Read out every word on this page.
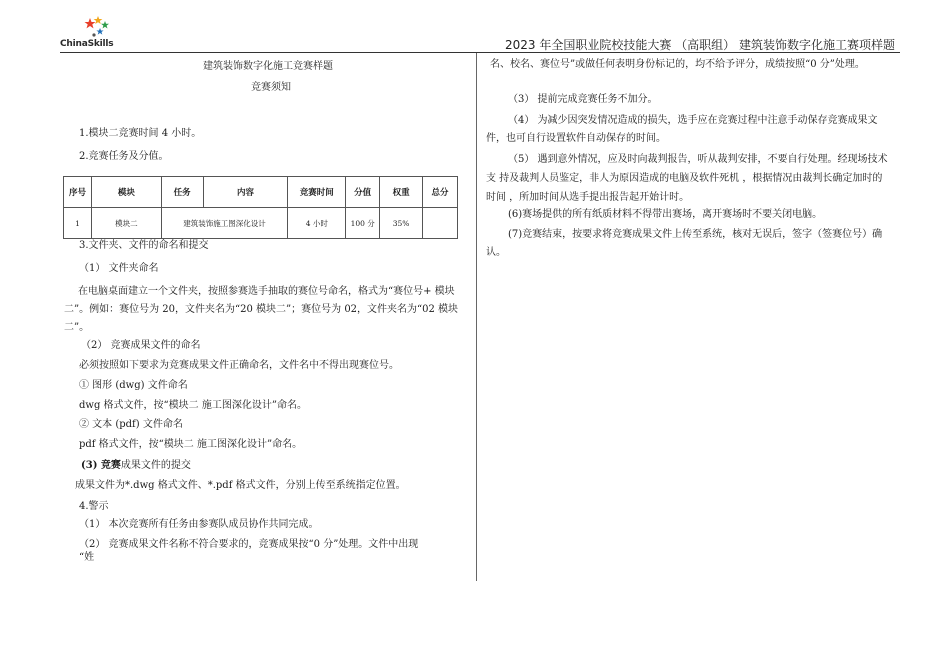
ChinaSkills	2023 年全国职业院校技能大赛 （高职组） 建筑装饰数字化施工赛项样题
建筑装饰数字化施工竞赛样题
竞赛须知
1.模块二竞赛时间 4 小时。
2.竞赛任务及分值。
序号	模块	任务	内容	竞赛时间	分值	权重	总分
1	模块二	建筑装饰施工图深化设计		4 小时	100 分	35%	
3.文件夹、文件的命名和提交
（1） 文件夹命名
在电脑桌面建立一个文件夹，按照参赛选手抽取的赛位号命名，格式为“赛位号+ 模块二”。例如：赛位号为 20，文件夹名为“20 模块二”；赛位号为 02，文件夹名为“02 模块二”。
（2） 竞赛成果文件的命名
必须按照如下要求为竞赛成果文件正确命名，文件名中不得出现赛位号。
① 图形 (dwg) 文件命名
dwg 格式文件，按“模块二 施工图深化设计”命名。
② 文本 (pdf) 文件命名
pdf 格式文件，按“模块二 施工图深化设计”命名。
(3) 竞赛成果文件的提交
成果文件为*.dwg 格式文件、*.pdf 格式文件，分别上传至系统指定位置。
4.警示
（1） 本次竞赛所有任务由参赛队成员协作共同完成。
（2） 竞赛成果文件名称不符合要求的，竞赛成果按“0 分”处理。文件中出现
“姓
名、校名、赛位号”或做任何表明身份标记的，均不给予评分，成绩按照“0 分”处理。
（3） 提前完成竞赛任务不加分。
（4） 为减少因突发情况造成的损失，选手应在竞赛过程中注意手动保存竞赛成果文 件，也可自行设置软件自动保存的时间。
（5） 遇到意外情况，应及时向裁判报告，听从裁判安排，不要自行处理。经现场技术支 持及裁判人员鉴定，非人为原因造成的电脑及软件死机 ，根据情况由裁判长确定加时的时间 ，所加时间从选手提出报告起开始计时。
(6)赛场提供的所有纸质材料不得带出赛场，离开赛场时不要关闭电脑。
(7)竞赛结束，按要求将竞赛成果文件上传至系统，核对无误后，签字（签赛位号）确认。
